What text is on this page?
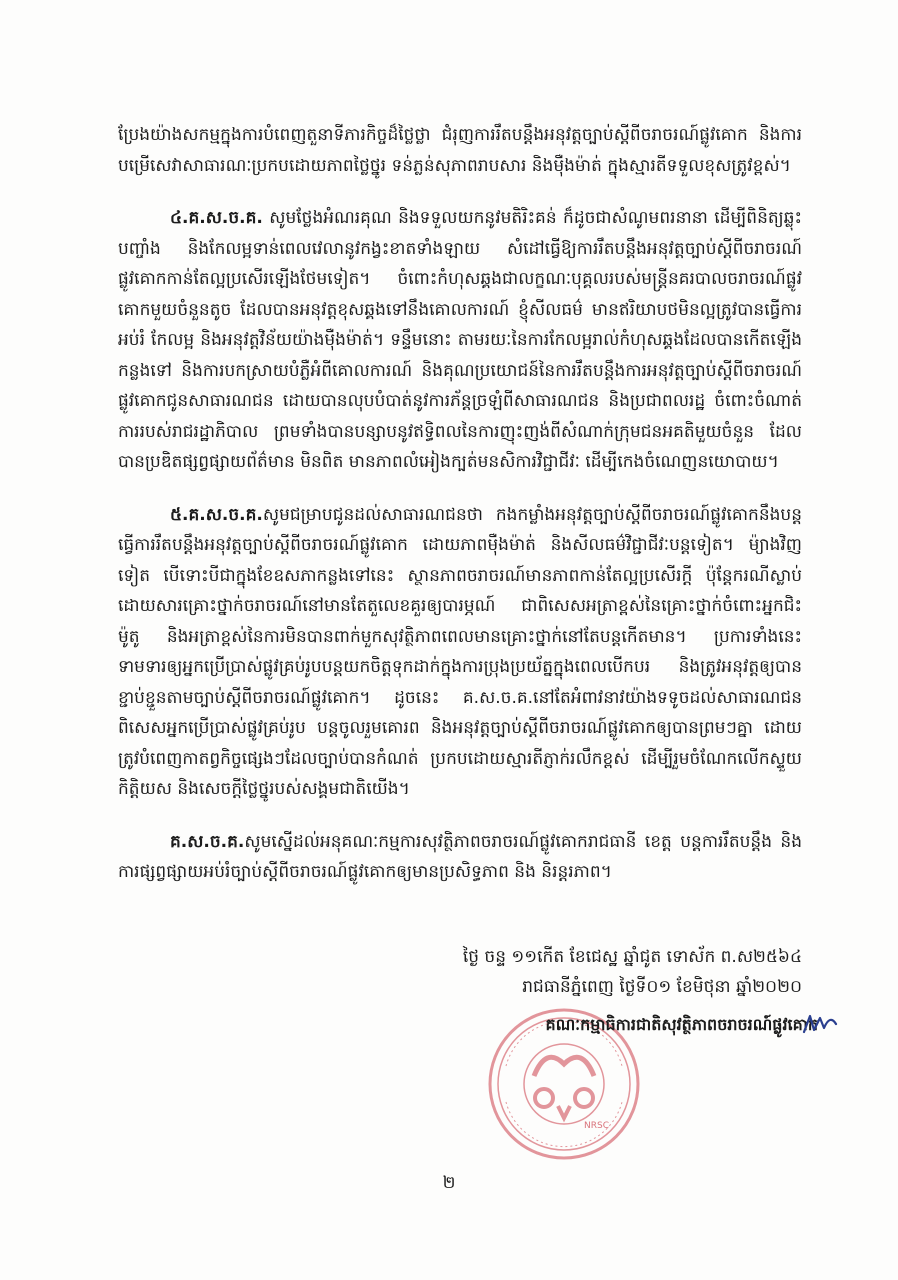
ប្រែងយ៉ាងសកម្មក្នុងការបំពេញតួនាទីភារកិច្ចដ៏ថ្លៃថ្លា ជំរុញការរឹតបន្តឹងអនុវត្តច្បាប់ស្ដីពីចរាចរណ៍ផ្លូវគោក និងការបម្រើសេវាសាធារណៈប្រកបដោយភាពថ្លៃថ្នូរ ទន់ភ្លន់សុភាពរាបសារ និងម៉ឺងម៉ាត់ ក្នុងស្មារតីទទួលខុសត្រូវខ្ពស់។

៤.គ.ស.ច.គ. សូមថ្លែងអំណរគុណ និងទទួលយកនូវមតិរិះគន់ ក៏ដូចជាសំណូមពរនានា ដើម្បីពិនិត្យឆ្លុះបញ្ចាំង និងកែលម្អទាន់ពេលវេលានូវកង្វះខាតទាំងឡាយ សំដៅធ្វើឱ្យការរឹតបន្តឹងអនុវត្តច្បាប់ស្ដីពីចរាចរណ៍ផ្លូវគោកកាន់តែល្អប្រសើរឡើងថែមទៀត។ ចំពោះកំហុសឆ្គងជាលក្ខណៈបុគ្គលរបស់មន្ត្រីនគរបាលចរាចរណ៍ផ្លូវគោកមួយចំនួនតូច ដែលបានអនុវត្តខុសឆ្គងទៅនឹងគោលការណ៍ ខ្ញុំសីលធម៌ មានឥរិយាបថមិនល្អត្រូវបានធ្វើការអប់រំ កែលម្អ និងអនុវត្តវិន័យយ៉ាងម៉ឺងម៉ាត់។ ទន្ទឹមនោះ តាមរយៈនៃការកែលម្អរាល់កំហុសឆ្គងដែលបានកើតឡើងកន្លងទៅ និងការបកស្រាយបំភ្លឺអំពីគោលការណ៍ និងគុណប្រយោជន៍នៃការរឹតបន្តឹងការអនុវត្តច្បាប់ស្ដីពីចរាចរណ៍ផ្លូវគោកជូនសាធារណជន ដោយបានលុបបំបាត់នូវការភ័ន្តច្រឡំពីសាធារណជន និងប្រជាពលរដ្ឋ ចំពោះចំណាត់ការរបស់រាជរដ្ឋាភិបាល ព្រមទាំងបានបន្សាបនូវឥទ្ធិពលនៃការញុះញង់ពីសំណាក់ក្រុមជនអគតិមួយចំនួន ដែលបានប្រឌិតផ្សព្វផ្សាយព័ត៌មាន មិនពិត មានភាពលំអៀងក្បត់មនសិការវិជ្ជាជីវៈ ដើម្បីកេងចំណេញនយោបាយ។

៥.គ.ស.ច.គ.សូមជម្រាបជូនដល់សាធារណជនថា កងកម្លាំងអនុវត្តច្បាប់ស្ដីពីចរាចរណ៍ផ្លូវគោកនឹងបន្តធ្វើការរឹតបន្តឹងអនុវត្តច្បាប់ស្ដីពីចរាចរណ៍ផ្លូវគោក ដោយភាពម៉ឺងម៉ាត់ និងសីលធម៌វិជ្ជាជីវៈបន្តទៀត។ ម៉្យាងវិញទៀត បើទោះបីជាក្នុងខែឧសភាកន្លងទៅនេះ ស្ថានភាពចរាចរណ៍មានភាពកាន់តែល្អប្រសើរក្ដី ប៉ុន្តែករណីស្លាប់ដោយសារគ្រោះថ្នាក់ចរាចរណ៍នៅមានតែតួលេខគួរឲ្យបារម្ភណ៍ ជាពិសេសអត្រាខ្ពស់នៃគ្រោះថ្នាក់ចំពោះអ្នកជិះម៉ូតូ និងអត្រាខ្ពស់នៃការមិនបានពាក់មួកសុវត្ថិភាពពេលមានគ្រោះថ្នាក់នៅតែបន្តកើតមាន។ ប្រការទាំងនេះ ទាមទារឲ្យអ្នកប្រើប្រាស់ផ្លូវគ្រប់រូបបន្តយកចិត្តទុកដាក់ក្នុងការប្រុងប្រយ័ត្នក្នុងពេលបើកបរ និងត្រូវអនុវត្តឲ្យបានខ្ជាប់ខ្ជួនតាមច្បាប់ស្ដីពីចរាចរណ៍ផ្លូវគោក។ ដូចនេះ គ.ស.ច.គ.នៅតែអំពាវនាវយ៉ាងទទូចដល់សាធារណជន ពិសេសអ្នកប្រើប្រាស់ផ្លូវគ្រប់រូប បន្តចូលរួមគោរព និងអនុវត្តច្បាប់ស្ដីពីចរាចរណ៍ផ្លូវគោកឲ្យបានព្រមៗគ្នា ដោយត្រូវបំពេញកាតព្វកិច្ចផ្សេងៗដែលច្បាប់បានកំណត់ ប្រកបដោយស្មារតីភ្ញាក់រលឹកខ្ពស់ ដើម្បីរួមចំណែកលើកស្ទួយកិត្តិយស និងសេចក្ដីថ្លៃថ្នូរបស់សង្គមជាតិយើង។

គ.ស.ច.គ.សូមស្នើដល់អនុគណៈកម្មការសុវត្ថិភាពចរាចរណ៍ផ្លូវគោករាជធានី ខេត្ត បន្តការរឹតបន្តឹង និងការផ្សព្វផ្សាយអប់រំច្បាប់ស្ដីពីចរាចរណ៍ផ្លូវគោកឲ្យមានប្រសិទ្ធភាព និង និរន្តរភាព។

ថ្ងៃ ចន្ទ ១១កើត ខែជេស្ឋ ឆ្នាំជូត ទោស័ក ព.ស២៥៦៤
រាជធានីភ្នំពេញ ថ្ងៃទី០១ ខែមិថុនា ឆ្នាំ២០២០
NRSC
គណៈកម្មាធិការជាតិសុវត្ថិភាពចរាចរណ៍ផ្លូវគោក
២
